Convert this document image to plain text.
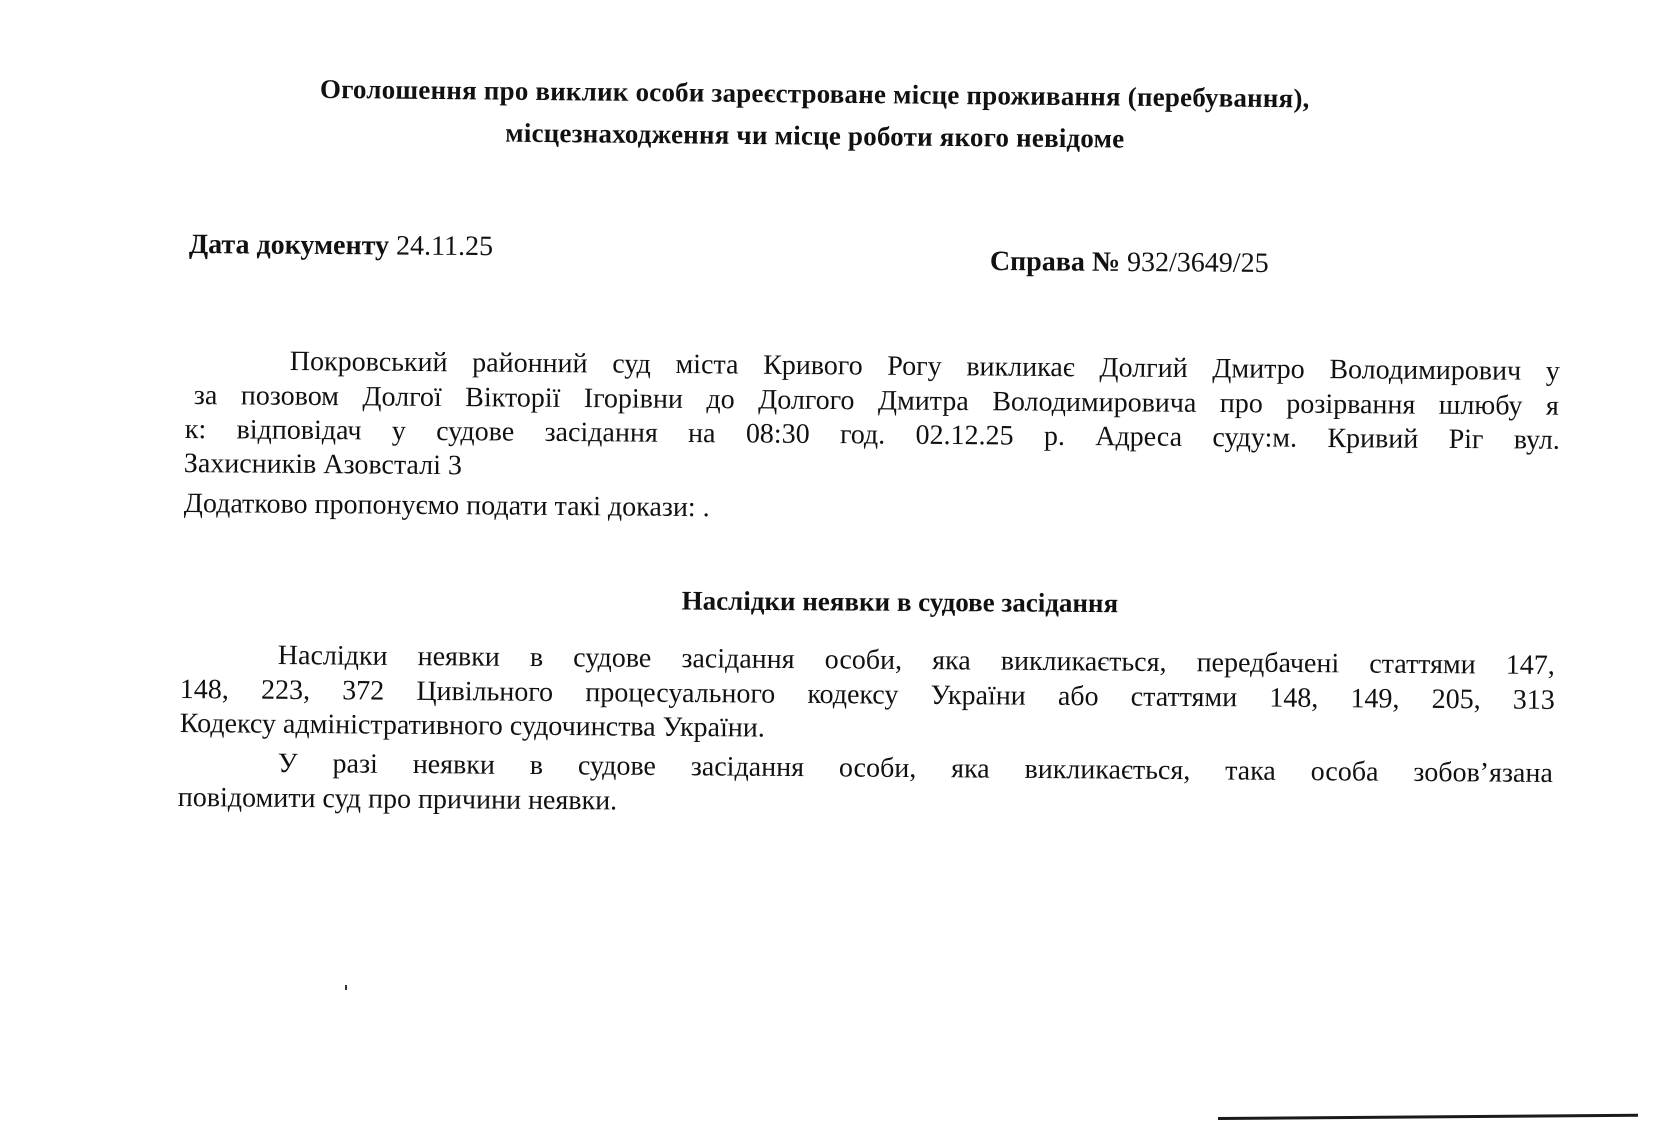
Оголошення про виклик особи зареєстроване місце проживання (перебування),
місцезнаходження чи місце роботи якого невідоме
Дата документу 24.11.25	Справа № 932/3649/25
Покровський районний суд міста Кривого Рогу викликає Долгий Дмитро Володимирович у
за позовом Долгої Вікторії Ігорівни до Долгого Дмитра Володимировича про розірвання шлюбу я
к: відповідач у судове засідання на 08:30 год. 02.12.25 р. Адреса суду:м. Кривий Ріг вул.
Захисників Азовсталі 3
Додатково пропонуємо подати такі докази: .
Наслідки неявки в судове засідання
Наслідки неявки в судове засідання особи, яка викликається, передбачені статтями 147,
148, 223, 372 Цивільного процесуального кодексу України або статтями 148, 149, 205, 313
Кодексу адміністративного судочинства України.
У разі неявки в судове засідання особи, яка викликається, така особа зобов’язана
повідомити суд про причини неявки.
